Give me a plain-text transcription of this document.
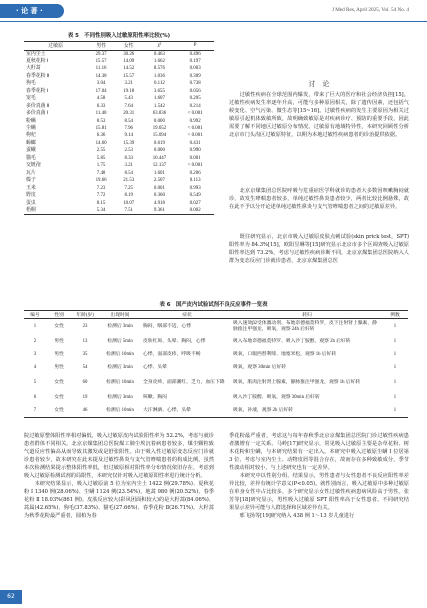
· 论 著 ·	J Med Res, April 2025, Vol. 54 No. 4
表 5　不同性别吸入过敏原阳性率比较(%)
过敏原	男性	女性	χ²	P
室内尘土	29.37	30.26	0.463	0.496
夏秋花粉 Ⅰ	15.57	14.09	1.662	0.197
大籽蒿	11.16	14.52	8.576	0.003
春季花粉 Ⅱ	14.38	15.57	1.036	0.309
狗毛	3.04	3.21	0.112	0.738
春季花粉 Ⅰ	17.04	19.18	3.655	0.056
宠毛	4.58	5.43	1.607	0.205
多价真菌 Ⅱ	6.33	7.64	1.542	0.214
多价真菌 Ⅰ	11.40	20.31	63.836	< 0.001
粉螨	8.53	8.54	0.000	0.992
尘螨	15.81	7.96	19.652	< 0.001
枸杞	6.36	9.14	15.094	< 0.001
蟑螂	14.60	15.39	0.619	0.431
蚕蛾	2.55	2.53	0.000	0.990
猫毛	5.85	8.33	10.447	0.001
交链孢	1.75	3.21	12.137	< 0.001
瓦片	7.48	8.54	1.601	0.206
榛子	19.66	21.53	2.507	0.113
玉米	7.23	7.25	0.001	0.993
野皮	7.72	8.19	0.360	0.549
蛋虫	8.15	10.07	4.918	0.027
梧桐	5.34	7.51	9.361	0.002
讨　论
　　过敏性疾病在全球范围内爆发，带来了巨大的医疗和社会经济负担[15]。过敏性疾病发生率逐年升高，可能与多种原因相关，除了遗传因素，还包括气候变化、空气污染、微生态等[15~16]。过敏性疾病的发生主要原因为相关过敏原引起机体致敏所致，故明确致敏原是对疾病诊疗、预防的重要手段，因此需要了解不同地区过敏原分布情况。过敏原有地域特异性，本研究回顾性分析北京市门头沟区过敏原特征，以期为本地过敏性疾病患者的诊治提供依据。
　　北京京煤集团总医院呼吸与危重症医学科就诊的患者大多数因咳嗽胸闷就诊，故发生哮喘患者较多，单纯过敏性鼻炎患者较少，两者比较比例悬殊，故在此不予以分开论述单纯过敏性鼻炎与支气管哮喘患者之间的过敏原差异。
　　既往研究显示，北京市吸入过敏原皮肤点刺试验(skin prick test，SPT)阳性率为 84.3%[15]，欧阳昱琳等[15]研究显示北京市多个区调查吸入过敏原阳性率达到 73.2%，考虑与过敏性疾病诊断不同，北京京煤集团总医院纳入人群为变态反应门诊就诊患者，北京京煤集团总医
表 6　国产皮内试验试剂不良反应事件一览表
编号	性别	年龄(岁)	出现时间	症状	转归	例数
1	女性	23	检测后 3min	胸闷，咽部不适，心悸	吸入速效β2受体激动剂、布地奈德福莫特罗，皮下注射肾上腺素，静脉推注甲强龙，吸氧，观察 24h 后好转	1
2	男性	13	检测后 5min	皮肤红斑、头晕、胸闷，心悸	吸入布地奈德福莫特罗、吸入沙丁胺醇，观察 2h 后好转	1
3	男性	35	检测后 10min	心悸，面部皮疹，呼吸不畅	吸氧，口服西替利嗪、地塞米松，观察 1h 后好转	1
4	男性	54	检测后 3min	心悸、头晕	吸氧，观察 30min 后好转	1
5	女性	60	检测后 10min	全身皮疹，面部潮红、乏力，血压下降	吸氧，肌肉注射肾上腺素，静脉推注甲强龙，观察 1h 后好转	1
6	女性	19	检测后 3min	咳嗽、胸闷	吸入沙丁胺醇、吸氧，观察 30min 后好转	1
7	女性	46	检测后 10min	大汗淋漓、心悸、头晕	吸氧，补液，观察 2h 后好转	1
院过敏原整体阳性率相对偏低，吸入过敏原皮内试验阳性率为 52.2%，考虑与就诊患者群体不同相关。北京京煤集团总医院煤工肺尘埃沉着病患者较多，煤尘颗粒致气道反应性偏高从而导致其激发或是舒张阳性。由于吸入性过敏原变态反应门诊就诊患者较少，故本研究在此未提及过敏性鼻炎与支气管哮喘患者的构成比例。虽然本次检测结果提示整体阳性率低，但过敏原相对阳性率分布情况依旧存在，考虑到吸入过敏原检测试剂的局限性，本研究仅针对吸入过敏原阳性率进行统计分析。
　　本研究结果显示，吸入过敏原前 5 位为室内尘土 1422 例(29.78%)、夏秋花粉 Ⅰ 1340 例(28.06%)、尘螨 1124 例(23.54%)、地蒿 980 例(20.52%)、春季花粉 Ⅱ 18.03%(861 例)。皮肤反应较大(彩风团面积较大)的是大籽蒿(84.06%)、蒿属(42.65%)、狗毛(37.83%)、猫毛(27.66%)、春季花粉 Ⅱ(26.71%)。大籽蒿为秋季花粉最严重者，圆柏为春
季花粉最严重者，考虑这与每年春秋季北京京煤集团总医院门诊过敏性疾病患者激增有一定关系。马岭[17]研究显示，常见吸入过敏原主要是杂草花粉、树木花粉和尘螨，与本研究结果有一定出入。本研究中吸入过敏原尘螨 Ⅰ 位居第 3 位，考虑与室内尘土、动物皮屑等混合存在，故而存在多种致敏成分，季节性波动相对较小，与上述研究也有一定差异。
　　本研究中以性别分组，结果显示，男性患者与女性患者不良反应阳性率差异比较，差异有统计学意义(P<0.05)。就性别而言，吸入过敏原中多种过敏原在单身女性中占比较多，多个研究显示女性过敏性疾病患病风险高于男性。张芳等[18]研究显示，男性吸入过敏原 SPT 阳性率高于女性患者。不同研究结果显示差异可能与人群选择和区域差异有关。
　　邢飞扬等[19]研究纳入 438 例 1～13 岁儿童进行
62
